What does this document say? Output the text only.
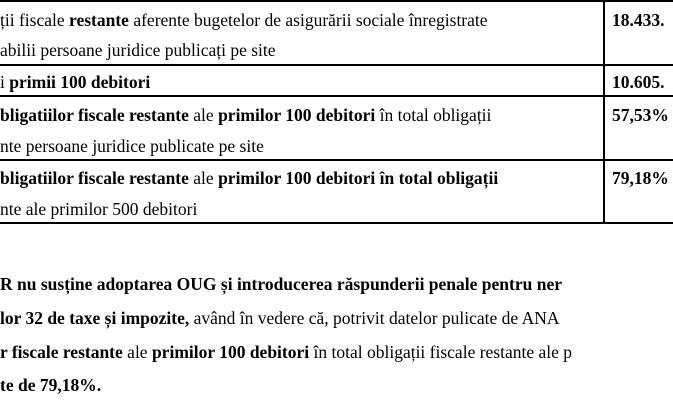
ții fiscale restante aferente bugetelor de asigurării sociale înregistrate
abilii persoane juridice publicați pe site
18.433.
i primii 100 debitori	10.605.
bligatiilor fiscale restante ale primilor 100 debitori în total obligații
nte persoane juridice publicate pe site
57,53%
bligatiilor fiscale restante ale primilor 100 debitori în total obligații
nte ale primilor 500 debitori
79,18%
R nu susține adoptarea OUG și introducerea răspunderii penale pentru ner
lor 32 de taxe și impozite, având în vedere că, potrivit datelor pulicate de ANA
r fiscale restante ale primilor 100 debitori în total obligații fiscale restante ale p
te de 79,18%.
